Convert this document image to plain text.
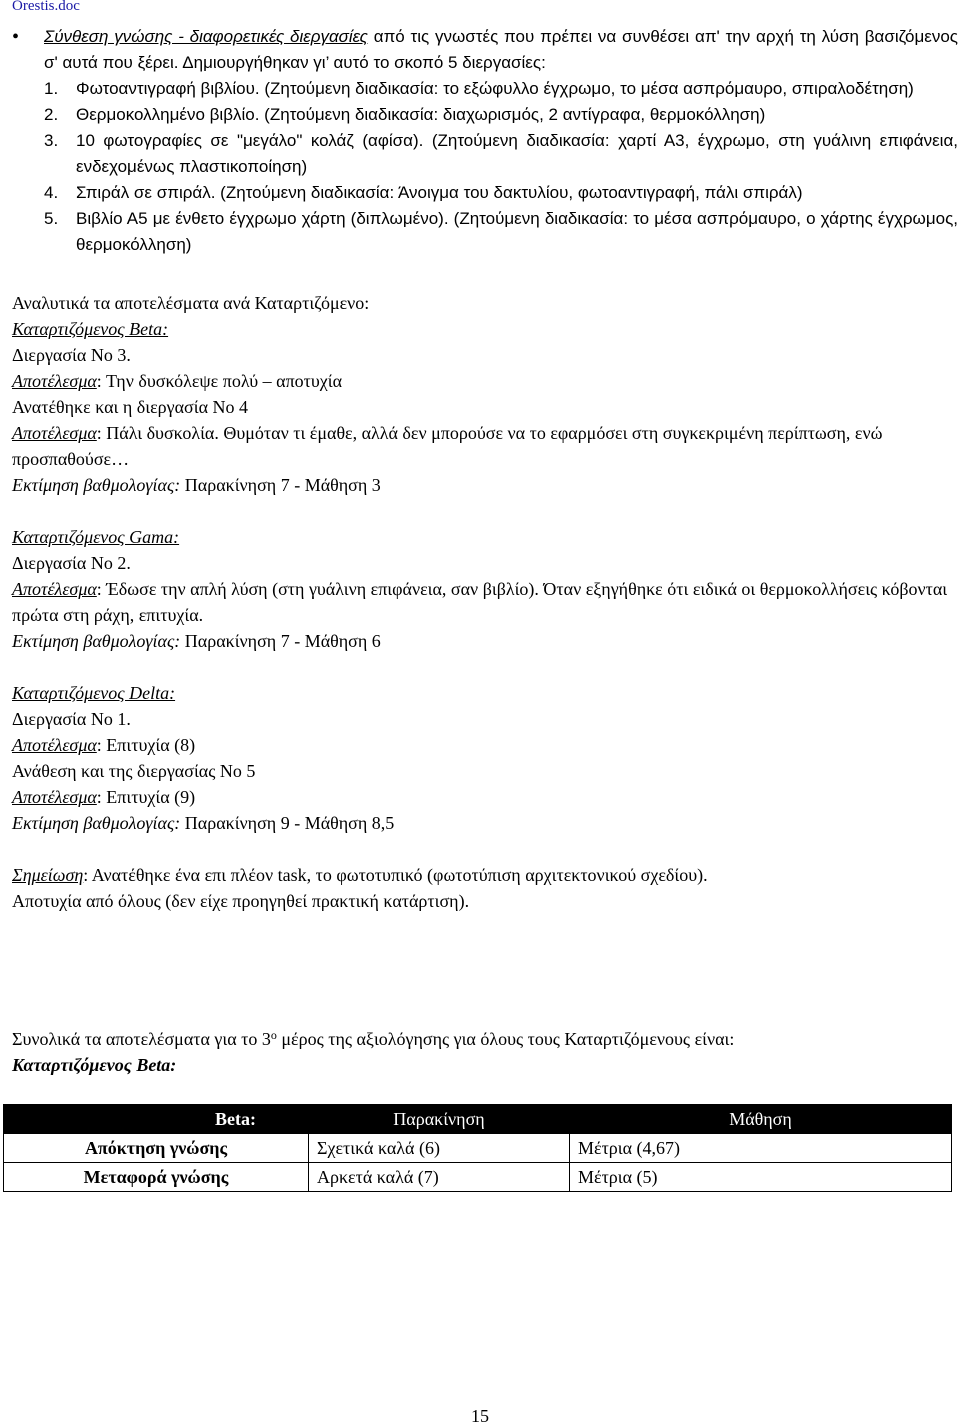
Orestis.doc
• Σύνθεση γνώσης - διαφορετικές διεργασίες από τις γνωστές που πρέπει να συνθέσει απ' την αρχή τη λύση βασιζόμενος σ' αυτά που ξέρει. Δημιουργήθηκαν γι’ αυτό το σκοπό 5 διεργασίες:
1. Φωτοαντιγραφή βιβλίου. (Ζητούμενη διαδικασία: το εξώφυλλο έγχρωμο, το μέσα ασπρόμαυρο, σπιραλοδέτηση)
2. Θερμοκολλημένο βιβλίο. (Ζητούμενη διαδικασία: διαχωρισμός, 2 αντίγραφα, θερμοκόλληση)
3. 10 φωτογραφίες σε "μεγάλο" κολάζ (αφίσα). (Ζητούμενη διαδικασία: χαρτί Α3, έγχρωμο, στη γυάλινη επιφάνεια, ενδεχομένως πλαστικοποίηση)
4. Σπιράλ σε σπιράλ. (Ζητούμενη διαδικασία: Άνοιγμα του δακτυλίου, φωτοαντιγραφή, πάλι σπιράλ)
5. Βιβλίο Α5 με ένθετο έγχρωμο χάρτη (διπλωμένο). (Ζητούμενη διαδικασία: το μέσα ασπρόμαυρο, ο χάρτης έγχρωμος, θερμοκόλληση)

Αναλυτικά τα αποτελέσματα ανά Καταρτιζόμενο:

Καταρτιζόμενος Beta:

Διεργασία Νο 3.

Αποτέλεσμα: Την δυσκόλεψε πολύ – αποτυχία

Ανατέθηκε και η διεργασία Νο 4

Αποτέλεσμα: Πάλι δυσκολία. Θυμόταν τι έμαθε, αλλά δεν μπορούσε να το εφαρμόσει στη συγκεκριμένη περίπτωση, ενώ προσπαθούσε…

Εκτίμηση βαθμολογίας: Παρακίνηση 7 - Μάθηση 3

Καταρτιζόμενος Gama:

Διεργασία Νο 2.

Αποτέλεσμα: Έδωσε την απλή λύση (στη γυάλινη επιφάνεια, σαν βιβλίο). Όταν εξηγήθηκε ότι ειδικά οι θερμοκολλήσεις κόβονται πρώτα στη ράχη, επιτυχία.

Εκτίμηση βαθμολογίας: Παρακίνηση 7 - Μάθηση 6

Καταρτιζόμενος Delta:

Διεργασία Νο 1.

Αποτέλεσμα: Επιτυχία (8)

Ανάθεση και της διεργασίας Νο 5

Αποτέλεσμα: Επιτυχία (9)

Εκτίμηση βαθμολογίας: Παρακίνηση 9 - Μάθηση 8,5

Σημείωση: Ανατέθηκε ένα επι πλέον task, το φωτοτυπικό (φωτοτύπιση αρχιτεκτονικού σχεδίου).

Αποτυχία από όλους (δεν είχε προηγηθεί πρακτική κατάρτιση).

Συνολικά τα αποτελέσματα για το $3^o$ μέρος της αξιολόγησης για όλους τους Καταρτιζόμενους είναι:

Καταρτιζόμενος Beta:

Beta:	Παρακίνηση	Μάθηση
Απόκτηση γνώσης	Σχετικά καλά (6)	Μέτρια (4,67)
Μεταφορά γνώσης	Αρκετά καλά (7)	Μέτρια (5)
15
